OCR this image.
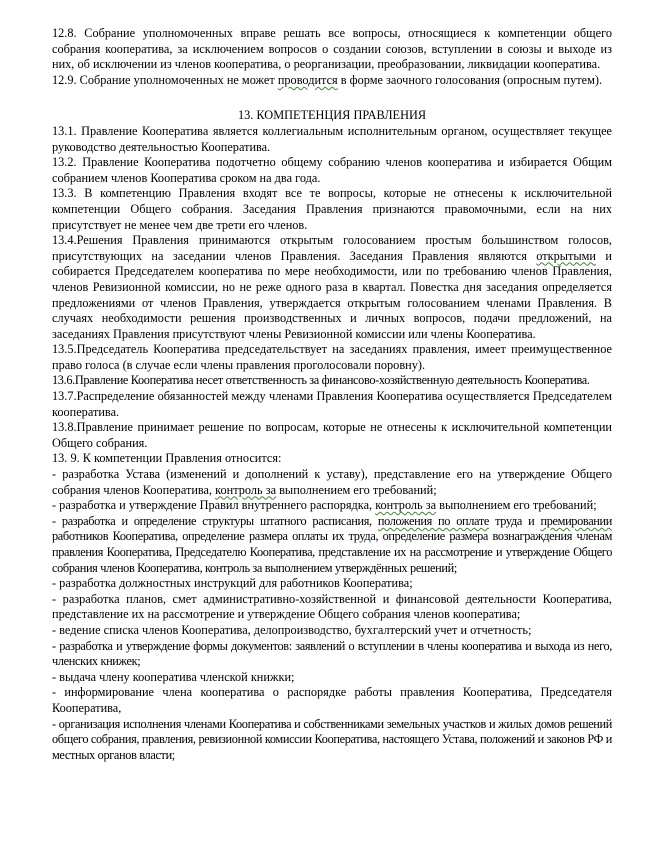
12.8. Собрание уполномоченных вправе решать все вопросы, относящиеся к компетенции общего собрания кооператива, за исключением вопросов о создании союзов, вступлении в союзы и выходе из них, об исключении из членов кооператива, о реорганизации, преобразовании, ликвидации кооператива.

12.9. Собрание уполномоченных не может проводится в форме заочного голосования (опросным путем).

13. КОМПЕТЕНЦИЯ ПРАВЛЕНИЯ

13.1. Правление Кооператива является коллегиальным исполнительным органом, осуществляет текущее руководство деятельностью Кооператива.

13.2. Правление Кооператива подотчетно общему собранию членов кооператива и избирается Общим собранием членов Кооператива сроком на два года.

13.3. В компетенцию Правления входят все те вопросы, которые не отнесены к исключительной компетенции Общего собрания. Заседания Правления признаются правомочными, если на них присутствует не менее чем две трети его членов.

13.4.Решения Правления принимаются открытым голосованием простым большинством голосов, присутствующих на заседании членов Правления. Заседания Правления являются открытыми и собирается Председателем кооператива по мере необходимости, или по требованию членов Правления, членов Ревизионной комиссии, но не реже одного раза в квартал. Повестка дня заседания определяется предложениями от членов Правления, утверждается открытым голосованием членами Правления. В случаях необходимости решения производственных и личных вопросов, подачи предложений, на заседаниях Правления присутствуют члены Ревизионной комиссии или члены Кооператива.

13.5.Председатель Кооператива председательствует на заседаниях правления, имеет преимущественное право голоса (в случае если члены правления проголосовали поровну).

13.6.Правление Кооператива несет ответственность за финансово-хозяйственную деятельность Кооператива.

13.7.Распределение обязанностей между членами Правления Кооператива осуществляется Председателем кооператива.

13.8.Правление принимает решение по вопросам, которые не отнесены к исключительной компетенции Общего собрания.

13. 9. К компетенции Правления относится:

- разработка Устава (изменений и дополнений к уставу), представление его на утверждение Общего собрания членов Кооператива, контроль за выполнением его требований;

- разработка и утверждение Правил внутреннего распорядка, контроль за выполнением его требований;

- разработка и определение структуры штатного расписания, положения по оплате труда и премировании работников Кооператива, определение размера оплаты их труда, определение размера вознаграждения членам правления Кооператива, Председателю Кооператива, представление их на рассмотрение и утверждение Общего собрания членов Кооператива, контроль за выполнением утверждённых решений;

- разработка должностных инструкций для работников Кооператива;

- разработка планов, смет административно-хозяйственной и финансовой деятельности Кооператива, представление их на рассмотрение и утверждение Общего собрания членов кооператива;

- ведение списка членов Кооператива, делопроизводство, бухгалтерский учет и отчетность;

- разработка и утверждение формы документов: заявлений о вступлении в члены кооператива и выхода из него, членских книжек;

- выдача члену кооператива членской книжки;

- информирование члена кооператива о распорядке работы правления Кооператива, Председателя Кооператива,

- организация исполнения членами Кооператива и собственниками земельных участков и жилых домов решений общего собрания, правления, ревизионной комиссии Кооператива, настоящего Устава, положений и законов РФ и местных органов власти;
